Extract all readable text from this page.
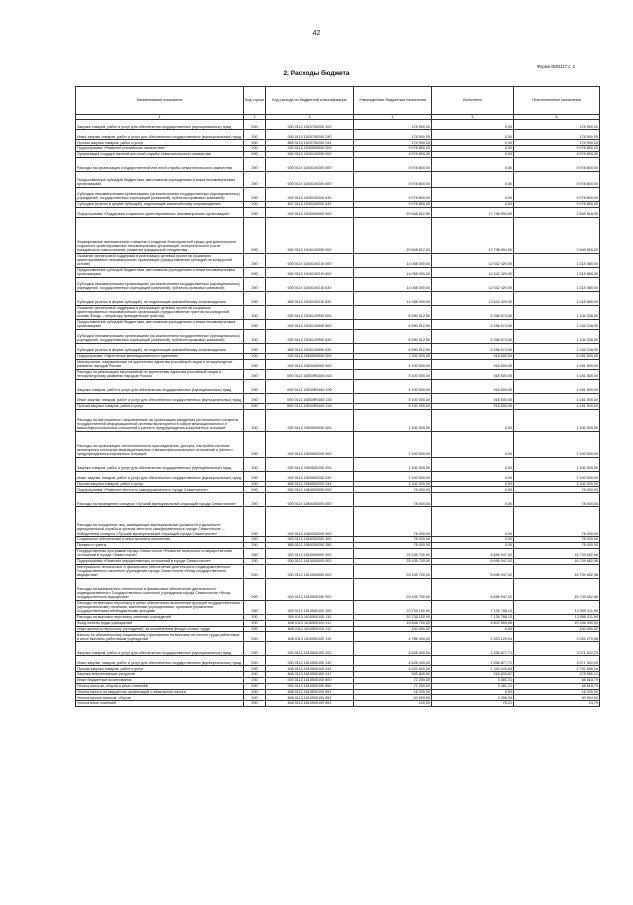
42
Форма 0503117 с. 2
2. Расходы бюджета
Наименование показателя	Код строки	Код расхода по бюджетной классификации	Утвержденные бюджетные назначения	Исполнено	Неисполненные назначения
1	2	3	4	5	6
Закупка товаров, работ и услуг для обеспечения государственных (муниципальных) нужд	200	000 0113 1520700200 200	178 900,00	0,00	178 900,00
Иные закупки товаров, работ и услуг для обеспечения государственных (муниципальных) нужд	200	000 0113 1520700200 240	178 900,00	0,00	178 900,00
Прочая закупка товаров, работ и услуг	200	869 0113 1520700200 244	178 900,00	0,00	178 900,00
Подпрограмма «Развитие российского казачества»	200	000 0113 1530000000 000	9 078 800,00	0,00	9 078 800,00
Организация государственной или иной службы севастопольского казачества	200	000 0113 1530100000 000	9 078 800,00	0,00	9 078 800,00
Расходы на организацию государственной или иной службы севастопольского казачества	200	000 0113 1530100200 000	9 078 800,00	0,00	9 078 800,00
Предоставление субсидий бюджетным, автономным учреждениям и иным некоммерческим организациям	200	000 0113 1530100200 600	9 078 800,00	0,00	9 078 800,00
Субсидии некоммерческим организациям (за исключением государственных (муниципальных) учреждений, государственных корпораций (компаний), публично-правовых компаний)	200	000 0113 1530100200 630	9 078 800,00	0,00	9 078 800,00
Субсидии (гранты в форме субсидий), подлежащие казначейскому сопровождению	200	847 0113 1530100200 632	9 078 800,00	0,00	9 078 800,00
Подпрограмма «Поддержка социально ориентированных некоммерческих организаций»	200	000 0113 1540000000 000	20 648 912,50	17 798 994,50	2 849 918,00
Формирование экономических стимулов и создание благоприятной среды для деятельности социально ориентированных некоммерческих организаций, поступательного роста гражданского самосознания, развития гражданской инициативы	200	000 0113 1540100000 000	20 648 912,50	17 798 994,50	2 849 918,00
Оказание финансовой поддержки в реализации целевых проектов социально ориентированных некоммерческих организаций (предоставление субсидий на конкурсной основе)	200	000 0113 1540100210 000	14 058 000,00	12 542 420,00	1 515 580,00
Предоставление субсидий бюджетным, автономным учреждениям и иным некоммерческим организациям	200	000 0113 1540100210 600	14 058 000,00	12 542 420,00	1 515 580,00
Субсидии некоммерческим организациям (за исключением государственных (муниципальных) учреждений, государственных корпораций (компаний), публично-правовых компаний)	200	000 0113 1540100210 630	14 058 000,00	12 542 420,00	1 515 580,00
Субсидии (гранты в форме субсидий), не подлежащие казначейскому сопровождению	200	865 0113 1540100210 633	14 058 000,00	12 542 420,00	1 515 580,00
Оказание финансовой поддержки в реализации целевых проектов социально ориентированных некоммерческих организаций (предоставление грантов на конкурсной основе Фонду – оператору президентских грантов)	200	000 0113 1540120990 000	6 590 912,50	5 256 574,50	1 334 338,00
Предоставление субсидий бюджетным, автономным учреждениям и иным некоммерческим организациям	200	000 0113 1540120990 600	6 590 912,50	5 256 574,50	1 334 338,00
Субсидии некоммерческим организациям (за исключением государственных (муниципальных) учреждений, государственных корпораций (компаний), публично-правовых компаний)	200	000 0113 1540120990 630	6 590 912,50	5 256 574,50	1 334 338,00
Субсидии (гранты в форме субсидий), не подлежащие казначейскому сопровождению	200	865 0113 1540120990 633	6 590 912,50	5 256 574,50	1 334 338,00
Подпрограмма «Укрепление межнационального единства»	200	000 0113 1550000000 000	7 200 000,00	918 500,00	6 281 500,00
Мероприятия, направленные на укрепление единства российской нации и этнокультурное развитие народов России	200	000 0113 1550400000 000	5 100 000,00	918 500,00	4 181 500,00
Расходы на реализацию мероприятий по укреплению единства российской нации и этнокультурному развитию народов России	200	000 0113 15504R5160 000	5 100 000,00	918 500,00	4 181 500,00
Закупка товаров, работ и услуг для обеспечения государственных (муниципальных) нужд	200	000 0113 15504R5160 200	5 100 000,00	918 500,00	4 181 500,00
Иные закупки товаров, работ и услуг для обеспечения государственных (муниципальных) нужд	200	000 0113 15504R5160 240	5 100 000,00	918 500,00	4 181 500,00
Прочая закупка товаров, работ и услуг	200	865 0113 15504R5160 244	5 100 000,00	918 500,00	4 181 500,00
Расходы на мероприятия, направленные на организацию внедрения регионального сегмента государственной информационной системы мониторинга в сфере межнациональных и межконфессиональных отношений и раннего предупреждения конфликтных ситуаций	200	000 0113 1550500000 000	2 100 000,00	0,00	2 100 000,00
Расходы на организацию технологического присоединения, доступа, настройки системы мониторинга состояния межнациональных и межконфессиональных отношений и раннего предупреждения конфликтных ситуаций	200	000 0113 1550500200 000	2 100 000,00	0,00	2 100 000,00
Закупка товаров, работ и услуг для обеспечения государственных (муниципальных) нужд	200	000 0113 1550500200 200	2 100 000,00	0,00	2 100 000,00
Иные закупки товаров, работ и услуг для обеспечения государственных (муниципальных) нужд	200	000 0113 1550500200 240	2 100 000,00	0,00	2 100 000,00
Прочая закупка товаров, работ и услуг	200	865 0113 1550500200 244	2 100 000,00	0,00	2 100 000,00
Подпрограмма «Развитие местного самоуправления в городе Севастополе»	200	000 0113 1560000000 000	78 000,00	0,00	78 000,00
Расходы на проведение конкурса «Лучший муниципальный служащий города Севастополя»	200	000 0113 1560300000 000	78 000,00	0,00	78 000,00
Расходы на поощрение лиц, замещающих муниципальные должности и должности муниципальной службы в органах местного самоуправления в городе Севастополе, – победителей конкурса «Лучший муниципальный служащий города Севастополя»	200	000 0113 1560300200 000	78 000,00	0,00	78 000,00
Социальное обеспечение и иные выплаты населению	200	000 0113 1560300200 300	78 000,00	0,00	78 000,00
Премии и гранты	200	865 0113 1560300200 350	78 000,00	0,00	78 000,00
Государственная программа города Севастополя «Развитие земельных и имущественных отношений в городе Севастополе»	200	000 0113 1600000000 000	25 435 700,00	8 696 047,02	16 739 652,98
Подпрограмма «Развитие имущественных отношений в городе Севастополе»	200	000 0113 1610000000 000	25 435 700,00	8 696 047,02	16 739 652,98
Материально-техническое и финансовое обеспечение деятельности подведомственного Государственного казенного учреждения города Севастополя «Фонд государственного имущества»	200	000 0113 1610500000 000	25 435 700,00	8 696 047,02	16 739 652,98
Расходы на материально-техническое и финансовое обеспечение деятельности подведомственного Государственного казенного учреждения города Севастополя «Фонд государственного имущества»	200	000 0113 1610500100 000	25 435 700,00	8 696 047,02	16 739 652,98
Расходы на выплаты персоналу в целях обеспечения выполнения функций государственными (муниципальными) органами, казенными учреждениями, органами управления государственными внебюджетными фондами	200	000 0113 1610500100 100	20 735 100,00	7 135 788,10	13 599 311,90
Расходы на выплаты персоналу казенных учреждений	200	000 0113 1610500100 110	20 735 100,00	7 135 788,10	13 599 311,90
Фонд оплаты труда учреждений	200	848 0113 1610500100 111	15 848 700,00	5 602 659,06	10 246 040,94
Иные выплаты персоналу учреждений, за исключением фонда оплаты труда	200	848 0113 1610500100 112	100 000,00	0,00	100 000,00
Взносы по обязательному социальному страхованию на выплаты по оплате труда работников и иные выплаты работникам учреждений	200	848 0113 1610500100 119	4 786 400,00	1 533 129,04	3 253 270,96
Закупка товаров, работ и услуг для обеспечения государственных (муниципальных) нужд	200	000 0113 1610500100 200	4 628 400,00	1 556 877,71	3 071 522,29
Иные закупки товаров, работ и услуг для обеспечения государственных (муниципальных) нужд	200	000 0113 1610500100 240	4 628 400,00	1 556 877,71	3 071 522,29
Прочая закупка товаров, работ и услуг	200	848 0113 1610500100 244	4 032 600,00	1 240 043,84	2 792 556,16
Закупка энергетических ресурсов	200	848 0113 1610500100 247	595 800,00	316 833,87	278 966,13
Иные бюджетные ассигнования	200	000 0113 1610500100 800	72 200,00	3 381,21	68 818,79
Уплата налогов, сборов и иных платежей	200	000 0113 1610500100 850	72 200,00	3 381,21	68 818,79
Уплата налога на имущество организаций и земельного налога	200	848 0113 1610500100 851	18 200,00	0,00	18 200,00
Уплата прочих налогов, сборов	200	848 0113 1610500100 852	53 900,00	3 306,00	50 594,00
Уплата иных платежей	200	848 0113 1610500100 853	100,00	75,21	24,79
